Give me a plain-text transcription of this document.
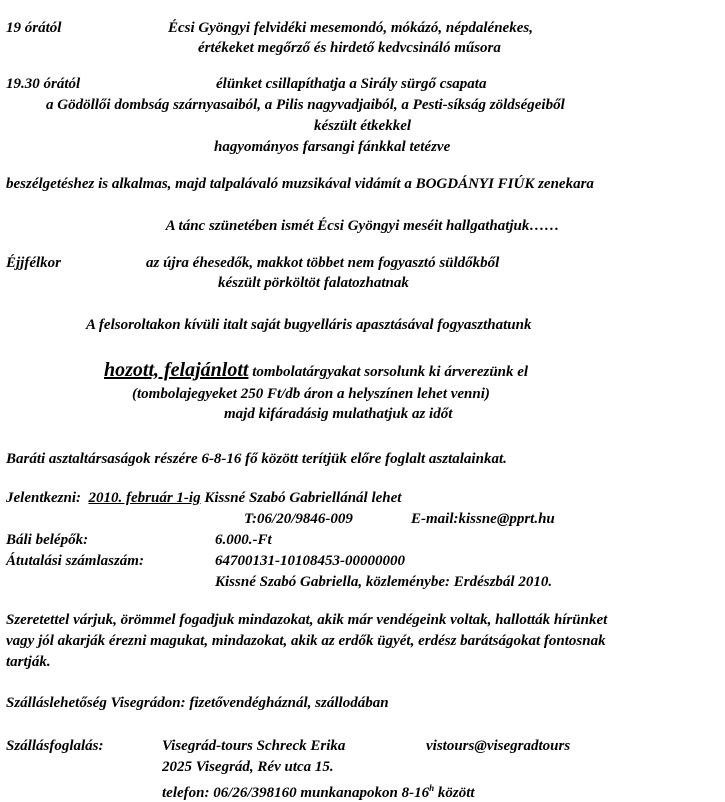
19 órától	Écsi Gyöngyi felvidéki mesemondó, mókázó, népdalénekes,
értékeket megőrző és hirdető kedvcsináló műsora
19.30 órától	élünket csillapíthatja a Sirály sürgő csapata
a Gödöllői dombság szárnyasaiból, a Pilis nagyvadjaiból, a Pesti-síkság zöldségeiből
készült étkekkel
hagyományos farsangi fánkkal tetézve
beszélgetéshez is alkalmas, majd talpalávaló muzsikával vidámít a BOGDÁNYI FIÚK zenekara
A tánc szünetében ismét Écsi Gyöngyi meséit hallgathatjuk……
Éjjfélkor	az újra éhesedők, makkot többet nem fogyasztó süldőkből
készült pörköltöt falatozhatnak
A felsoroltakon kívüli italt saját bugyelláris apasztásával fogyaszthatunk
hozott, felajánlott tombolatárgyakat sorsolunk ki árverezünk el
(tombolajegyeket 250 Ft/db áron a helyszínen lehet venni)
majd kifáradásig mulathatjuk az időt
Baráti asztaltársaságok részére 6-8-16 fő között terítjük előre foglalt asztalainkat.
Jelentkezni: 2010. február 1-ig Kissné Szabó Gabriellánál lehet
T:06/20/9846-009	E-mail:kissne@pprt.hu
Báli belépők:	6.000.-Ft
Átutalási számlaszám:	64700131-10108453-00000000
Kissné Szabó Gabriella, közleménybe: Erdészbál 2010.
Szeretettel várjuk, örömmel fogadjuk mindazokat, akik már vendégeink voltak, hallották hírünket
vagy jól akarják érezni magukat, mindazokat, akik az erdők ügyét, erdész barátságokat fontosnak
tartják.
Szálláslehetőség Visegrádon: fizetővendégháznál, szállodában
Szállásfoglalás:	Visegrád-tours Schreck Erika	vistours@visegradtours
2025 Visegrád, Rév utca 15.
telefon: 06/26/398160 munkanapokon 8-16$^h$ között
